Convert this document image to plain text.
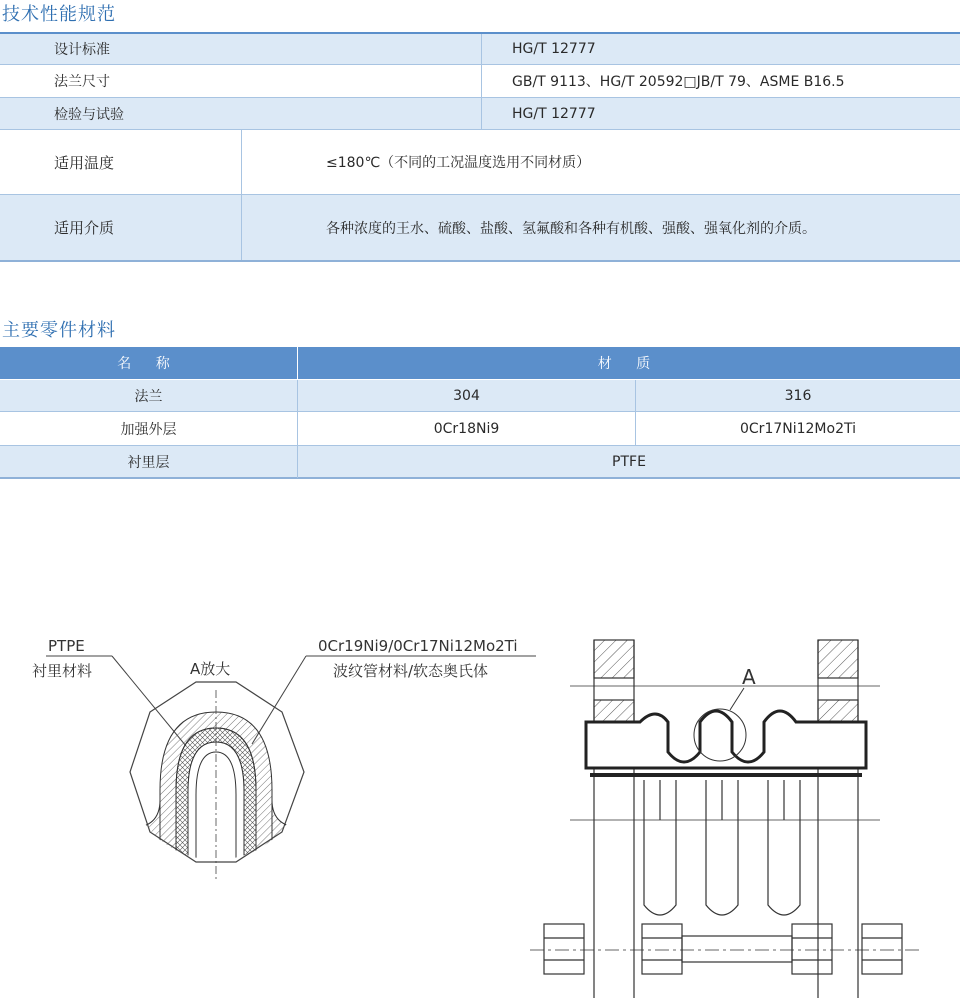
技术性能规范
设计标准	HG/T 12777
法兰尺寸	GB/T 9113、HG/T 20592□JB/T 79、ASME B16.5
检验与试验	HG/T 12777
适用温度	≤180℃（不同的工况温度选用不同材质）
适用介质	各种浓度的王水、硫酸、盐酸、氢氟酸和各种有机酸、强酸、强氧化剂的介质。
主要零件材料
名 称	材 质
法兰	304	316
加强外层	0Cr18Ni9	0Cr17Ni12Mo2Ti
衬里层	PTFE
PTPE
衬里材料	A放大
0Cr19Ni9/0Cr17Ni12Mo2Ti
波纹管材料/软态奥氏体	A
